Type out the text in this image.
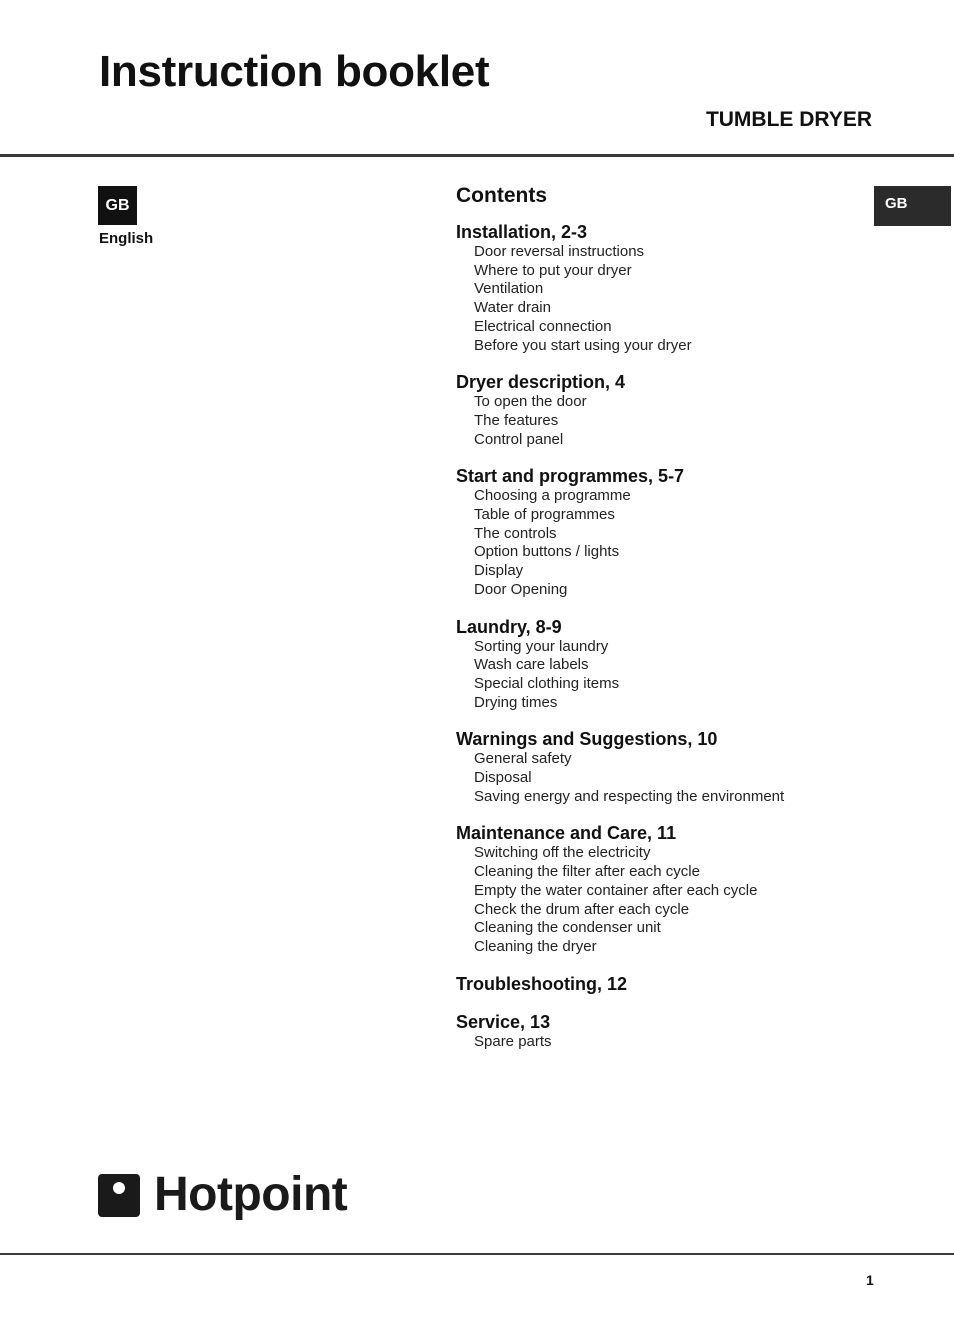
Instruction booklet
TUMBLE DRYER
GB
English
GB
Contents
Installation, 2-3
Door reversal instructions
Where to put your dryer
Ventilation
Water drain
Electrical connection
Before you start using your dryer
Dryer description, 4
To open the door
The features
Control panel
Start and programmes, 5-7
Choosing a programme
Table of programmes
The controls
Option buttons / lights
Display
Door Opening
Laundry, 8-9
Sorting your laundry
Wash care labels
Special clothing items
Drying times
Warnings and Suggestions, 10
General safety
Disposal
Saving energy and respecting the environment
Maintenance and Care, 11
Switching off the electricity
Cleaning the filter after each cycle
Empty the water container after each cycle
Check the drum after each cycle
Cleaning the condenser unit
Cleaning the dryer
Troubleshooting, 12
Service, 13
Spare parts
Hotpoint
1
